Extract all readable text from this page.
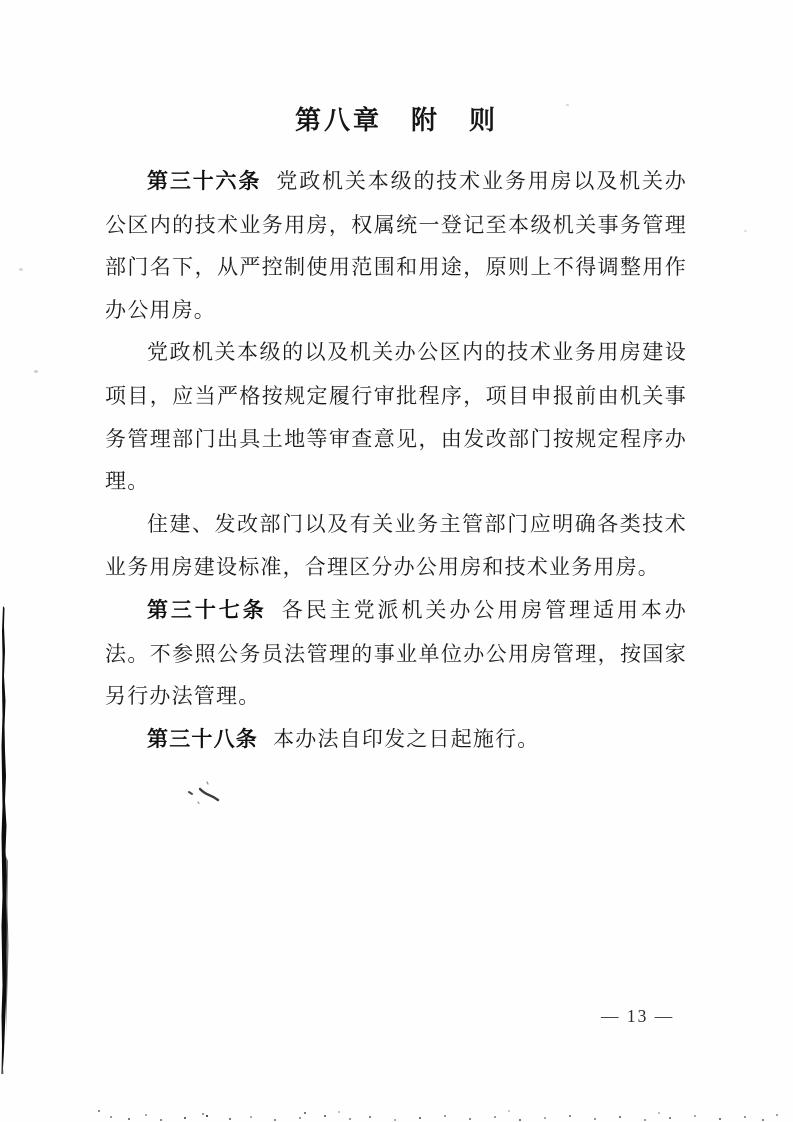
第八章　附　则

第三十六条 党政机关本级的技术业务用房以及机关办公区内的技术业务用房，权属统一登记至本级机关事务管理部门名下，从严控制使用范围和用途，原则上不得调整用作办公用房。

党政机关本级的以及机关办公区内的技术业务用房建设项目，应当严格按规定履行审批程序，项目申报前由机关事务管理部门出具土地等审查意见，由发改部门按规定程序办理。

住建、发改部门以及有关业务主管部门应明确各类技术业务用房建设标准，合理区分办公用房和技术业务用房。

第三十七条 各民主党派机关办公用房管理适用本办法。不参照公务员法管理的事业单位办公用房管理，按国家另行办法管理。

第三十八条 本办法自印发之日起施行。

— 13 —
